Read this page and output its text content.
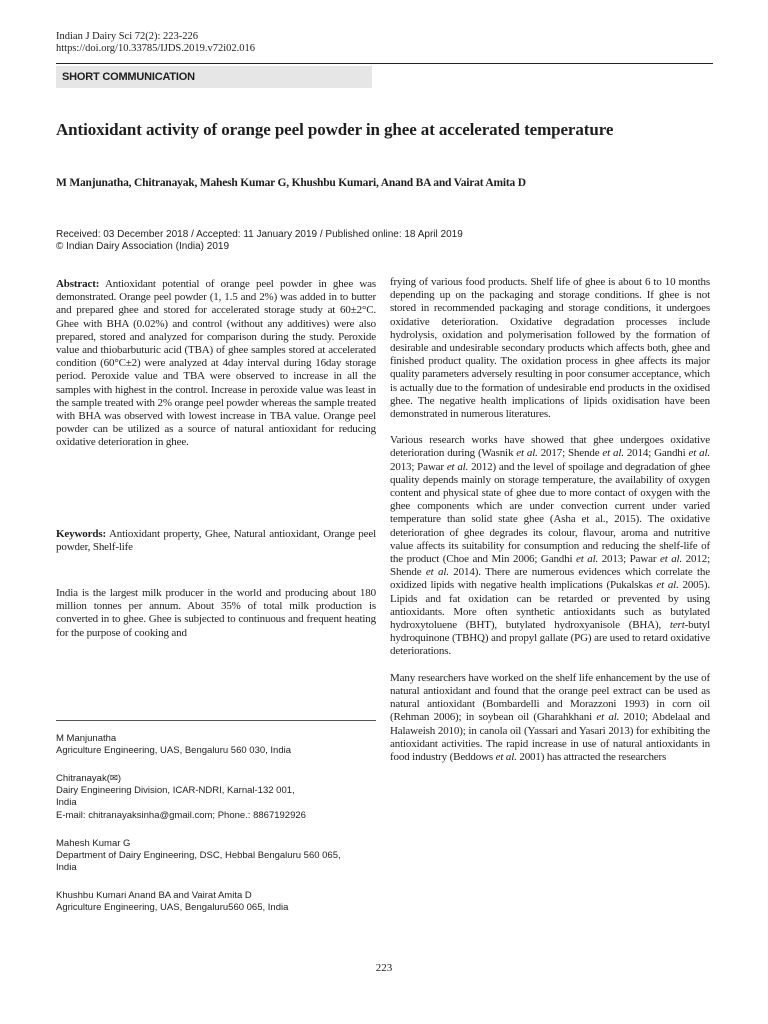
Indian J Dairy Sci 72(2): 223-226
https://doi.org/10.33785/IJDS.2019.v72i02.016
SHORT COMMUNICATION
Antioxidant activity of orange peel powder in ghee at accelerated temperature
M Manjunatha, Chitranayak, Mahesh Kumar G, Khushbu Kumari, Anand BA and Vairat Amita D
Received: 03 December 2018 / Accepted: 11 January 2019 / Published online: 18 April 2019
© Indian Dairy Association (India) 2019

Abstract: Antioxidant potential of orange peel powder in ghee was demonstrated. Orange peel powder (1, 1.5 and 2%) was added in to butter and prepared ghee and stored for accelerated storage study at 60±2°C. Ghee with BHA (0.02%) and control (without any additives) were also prepared, stored and analyzed for comparison during the study. Peroxide value and thiobarbuturic acid (TBA) of ghee samples stored at accelerated condition (60°C±2) were analyzed at 4day interval during 16day storage period. Peroxide value and TBA were observed to increase in all the samples with highest in the control. Increase in peroxide value was least in the sample treated with 2% orange peel powder whereas the sample treated with BHA was observed with lowest increase in TBA value. Orange peel powder can be utilized as a source of natural antioxidant for reducing oxidative deterioration in ghee.

Keywords: Antioxidant property, Ghee, Natural antioxidant, Orange peel powder, Shelf-life

India is the largest milk producer in the world and producing about 180 million tonnes per annum. About 35% of total milk production is converted in to ghee. Ghee is subjected to continuous and frequent heating for the purpose of cooking and

M Manjunatha

Agriculture Engineering, UAS, Bengaluru 560 030, India

Chitranayak(✉)

Dairy Engineering Division, ICAR-NDRI, Karnal-132 001,

India

E-mail: chitranayaksinha@gmail.com; Phone.: 8867192926

Mahesh Kumar G

Department of Dairy Engineering, DSC, Hebbal Bengaluru 560 065,

India

Khushbu Kumari Anand BA and Vairat Amita D

Agriculture Engineering, UAS, Bengaluru560 065, India

frying of various food products. Shelf life of ghee is about 6 to 10 months depending up on the packaging and storage conditions. If ghee is not stored in recommended packaging and storage conditions, it undergoes oxidative deterioration. Oxidative degradation processes include hydrolysis, oxidation and polymerisation followed by the formation of desirable and undesirable secondary products which affects both, ghee and finished product quality. The oxidation process in ghee affects its major quality parameters adversely resulting in poor consumer acceptance, which is actually due to the formation of undesirable end products in the oxidised ghee. The negative health implications of lipids oxidisation have been demonstrated in numerous literatures.

Various research works have showed that ghee undergoes oxidative deterioration during (Wasnik et al. 2017; Shende et al. 2014; Gandhi et al. 2013; Pawar et al. 2012) and the level of spoilage and degradation of ghee quality depends mainly on storage temperature, the availability of oxygen content and physical state of ghee due to more contact of oxygen with the ghee components which are under convection current under varied temperature than solid state ghee (Asha et al., 2015). The oxidative deterioration of ghee degrades its colour, flavour, aroma and nutritive value affects its suitability for consumption and reducing the shelf-life of the product (Choe and Min 2006; Gandhi et al. 2013; Pawar et al. 2012; Shende et al. 2014). There are numerous evidences which correlate the oxidized lipids with negative health implications (Pukalskas et al. 2005). Lipids and fat oxidation can be retarded or prevented by using antioxidants. More often synthetic antioxidants such as butylated hydroxytoluene (BHT), butylated hydroxyanisole (BHA), tert-butyl hydroquinone (TBHQ) and propyl gallate (PG) are used to retard oxidative deteriorations.

Many researchers have worked on the shelf life enhancement by the use of natural antioxidant and found that the orange peel extract can be used as natural antioxidant (Bombardelli and Morazzoni 1993) in corn oil (Rehman 2006); in soybean oil (Gharahkhani et al. 2010; Abdelaal and Halaweish 2010); in canola oil (Yassari and Yasari 2013) for exhibiting the antioxidant activities. The rapid increase in use of natural antioxidants in food industry (Beddows et al. 2001) has attracted the researchers

223
